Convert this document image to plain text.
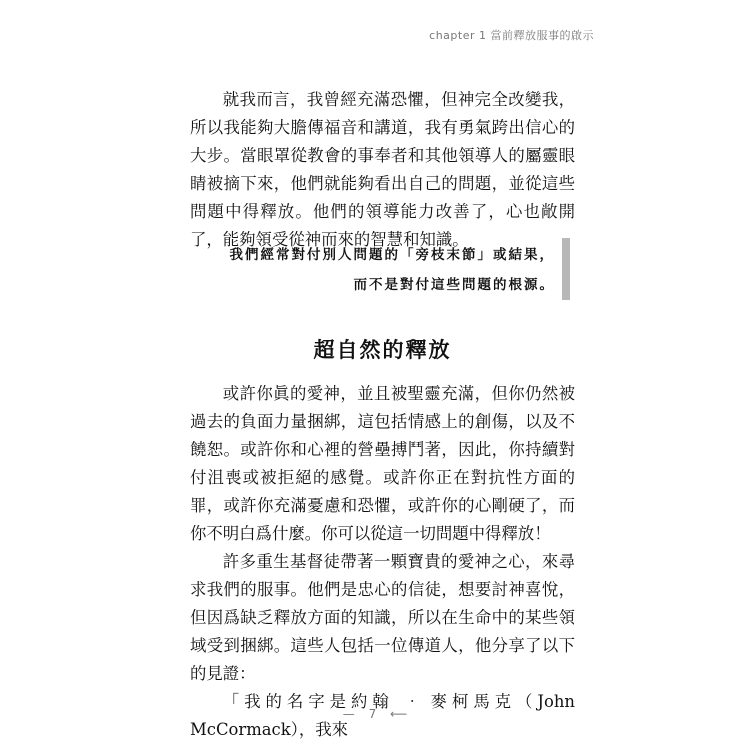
chapter 1 當前釋放服事的啟示

就我而言，我曾經充滿恐懼，但神完全改變我，所以我能夠大膽傳福音和講道，我有勇氣跨出信心的大步。當眼罩從教會的事奉者和其他領導人的屬靈眼睛被摘下來，他們就能夠看出自己的問題，並從這些問題中得釋放。他們的領導能力改善了，心也敞開了，能夠領受從神而來的智慧和知識。

我們經常對付別人問題的「旁枝末節」或結果，
而不是對付這些問題的根源。
超自然的釋放

或許你眞的愛神，並且被聖靈充滿，但你仍然被過去的負面力量捆綁，這包括情感上的創傷，以及不饒恕。或許你和心裡的營壘搏鬥著，因此，你持續對付沮喪或被拒絕的感覺。或許你正在對抗性方面的罪，或許你充滿憂慮和恐懼，或許你的心剛硬了，而你不明白爲什麼。你可以從這一切問題中得釋放！

許多重生基督徒帶著一顆寶貴的愛神之心，來尋求我們的服事。他們是忠心的信徒，想要討神喜悅，但因爲缺乏釋放方面的知識，所以在生命中的某些領域受到捆綁。這些人包括一位傳道人，他分享了以下的見證：

「我的名字是約翰 ‧ 麥柯馬克（John McCormack），我來

— 7 ⟵
